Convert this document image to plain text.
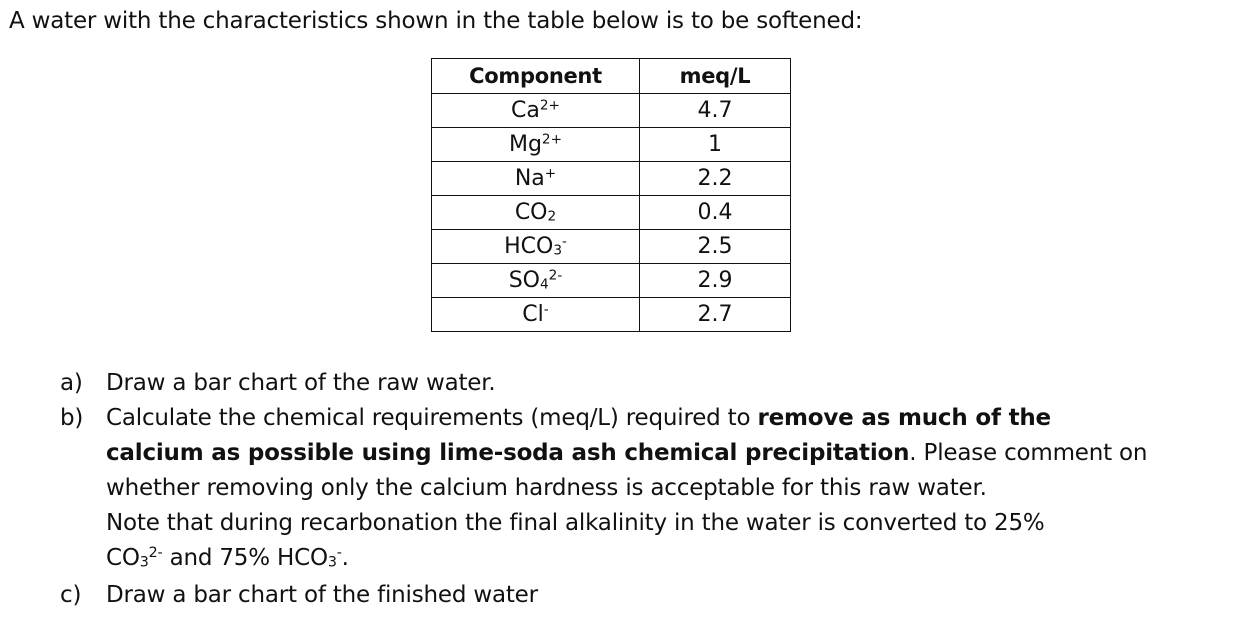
A water with the characteristics shown in the table below is to be softened:
Component	meq/L
$Ca^{2+}$	4.7
$Mg^{2+}$	1
Na+	2.2
$CO_2$	0.4
$HCO_3^-$	2.5
$SO_4^{2-}$	2.9
Cl-	2.7
a)	Draw a bar chart of the raw water.
b) Calculate the chemical requirements (meq/L) required to remove as much of the
calcium as possible using lime-soda ash chemical precipitation. Please comment on
whether removing only the calcium hardness is acceptable for this raw water.
Note that during recarbonation the final alkalinity in the water is converted to 25%
$CO_3^{2-}$ and 75% $HCO_3^-$.
c)	Draw a bar chart of the finished water
